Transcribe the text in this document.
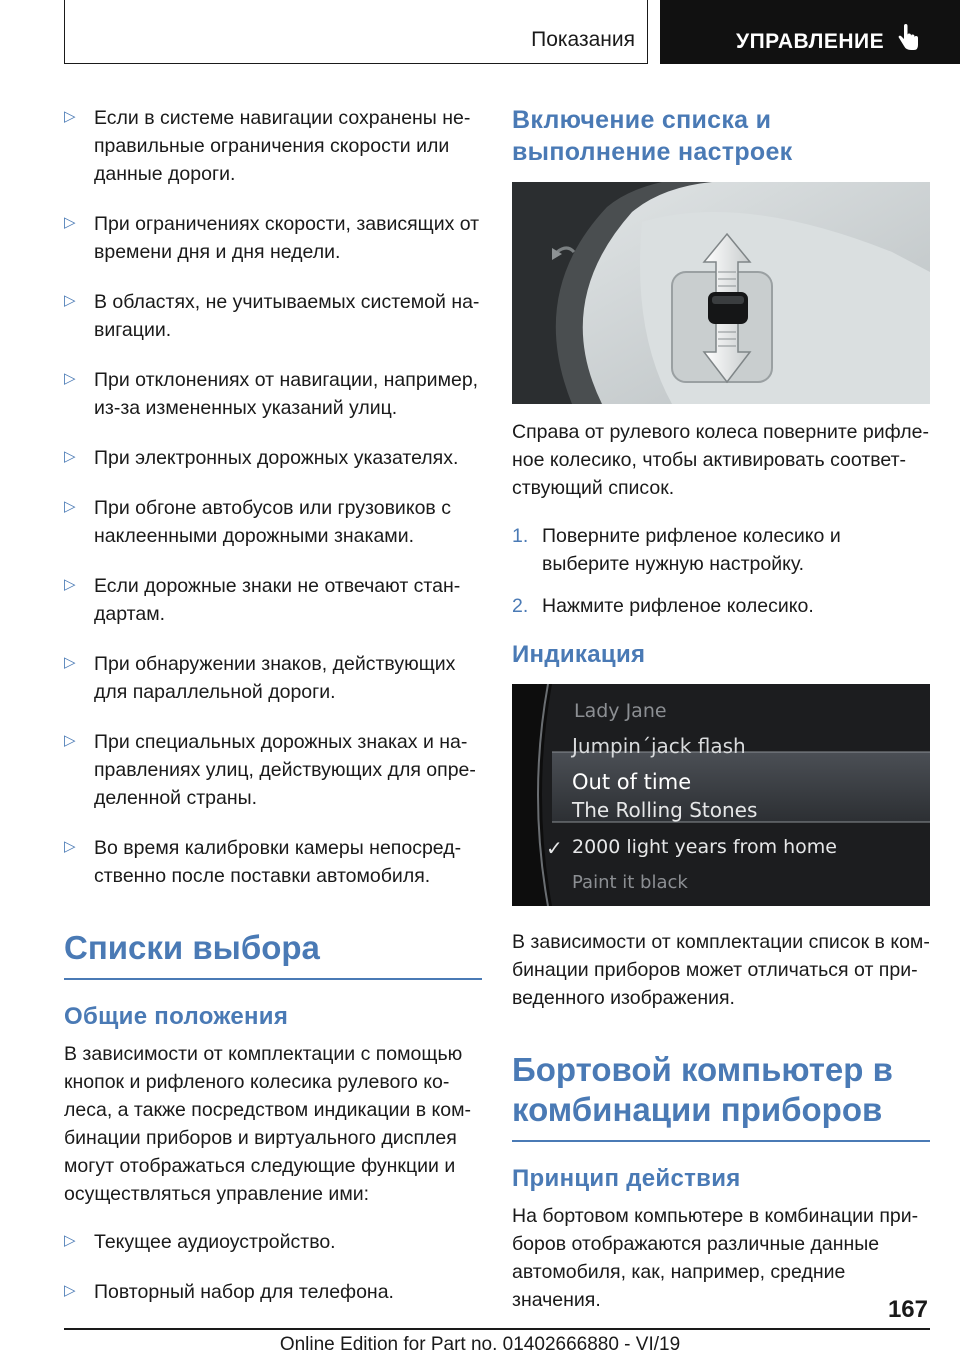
Показания	УПРАВЛЕНИЕ
▷ Если в системе навигации сохранены не-правильные ограничения скорости или данные дороги.
▷ При ограничениях скорости, зависящих от времени дня и дня недели.
▷ В областях, не учитываемых системой на-вигации.
▷ При отклонениях от навигации, например, из-за измененных указаний улиц.
▷ При электронных дорожных указателях.
▷ При обгоне автобусов или грузовиков с наклеенными дорожными знаками.
▷ Если дорожные знаки не отвечают стан-дартам.
▷ При обнаружении знаков, действующих для параллельной дороги.
▷ При специальных дорожных знаках и на-правлениях улиц, действующих для опре-деленной страны.
▷ Во время калибровки камеры непосред-ственно после поставки автомобиля.
Списки выбора
Общие положения

В зависимости от комплектации с помощью кнопок и рифленого колесика рулевого ко-леса, а также посредством индикации в ком-бинации приборов и виртуального дисплея могут отображаться следующие функции и осуществляться управление ими:

▷ Текущее аудиоустройство.
▷ Повторный набор для телефона.
Включение списка и выполнение настроек

Справа от рулевого колеса поверните рифле-ное колесико, чтобы активировать соответ-ствующий список.

1. Поверните рифленое колесико и выберите нужную настройку.
2. Нажмите рифленое колесико.
Индикация
Lady Jane
Jumpin´jack flash
Out of time
The Rolling Stones
✓ 2000 light years from home
Paint it black

В зависимости от комплектации список в ком-бинации приборов может отличаться от при-веденного изображения.

Бортовой компьютер в комбинации приборов
Принцип действия

На бортовом компьютере в комбинации при-боров отображаются различные данные автомобиля, как, например, средние значения.	167
Online Edition for Part no. 01402666880 - VI/19
